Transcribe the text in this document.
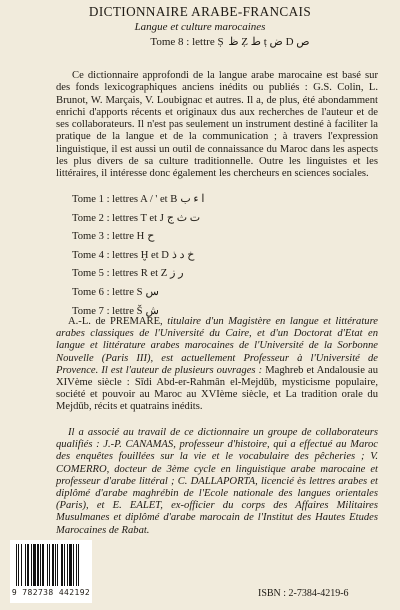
DICTIONNAIRE ARABE-FRANCAIS
Langue et culture marocaines
Tome 8 : lettre Ṣ ص D ض ṭ ط Ẓ ظ

Ce dictionnaire approfondi de la langue arabe marocaine est basé sur des fonds lexicographiques anciens inédits ou publiés : G.S. Colin, L. Brunot, W. Marçais, V. Loubignac et autres. Il a, de plus, été abondamment enrichi d'apports récents et originaux dus aux recherches de l'auteur et de ses collaborateurs. Il n'est pas seulement un instrument destiné à faciliter la pratique de la langue et de la communication ; à travers l'expression linguistique, il est aussi un outil de connaissance du Maroc dans les aspects les plus divers de sa culture traditionnelle. Outre les linguistes et les littéraires, il intéresse donc également les chercheurs en sciences sociales.

Tome 1 : lettres A / ' et B ا ء ب
Tome 2 : lettres T et J ت ث ج
Tome 3 : lettre H ح
Tome 4 : lettres Ḫ et D خ د ذ
Tome 5 : lettres R et Z ر ز
Tome 6 : lettre S س
Tome 7 : lettre Š ش

A.-L. de PREMARE, titulaire d'un Magistère en langue et littérature arabes classiques de l'Université du Caire, et d'un Doctorat d'Etat en langue et littérature arabes marocaines de l'Université de la Sorbonne Nouvelle (Paris III), est actuellement Professeur à l'Université de Provence. Il est l'auteur de plusieurs ouvrages : Maghreb et Andalousie au XIVème siècle : Sīdi Abd-er-Rahmân el-Mejdūb, mysticisme populaire, société et pouvoir au Maroc au XVIème siècle, et La tradition orale du Mejdūb, récits et quatrains inédits.

Il a associé au travail de ce dictionnaire un groupe de collaborateurs qualifiés : J.-P. CANAMAS, professeur d'histoire, qui a effectué au Maroc des enquêtes fouillées sur la vie et le vocabulaire des pêcheries ; V. COMERRO, docteur de 3ème cycle en linguistique arabe marocaine et professeur d'arabe littéral ; C. DALLAPORTA, licencié ès lettres arabes et diplômé d'arabe maghrébin de l'Ecole nationale des langues orientales (Paris), et E. EALET, ex-officier du corps des Affaires Militaires Musulmanes et diplômé d'arabe marocain de l'Institut des Hautes Etudes Marocaines de Rabat.

9 782738 442192	ISBN : 2-7384-4219-6
